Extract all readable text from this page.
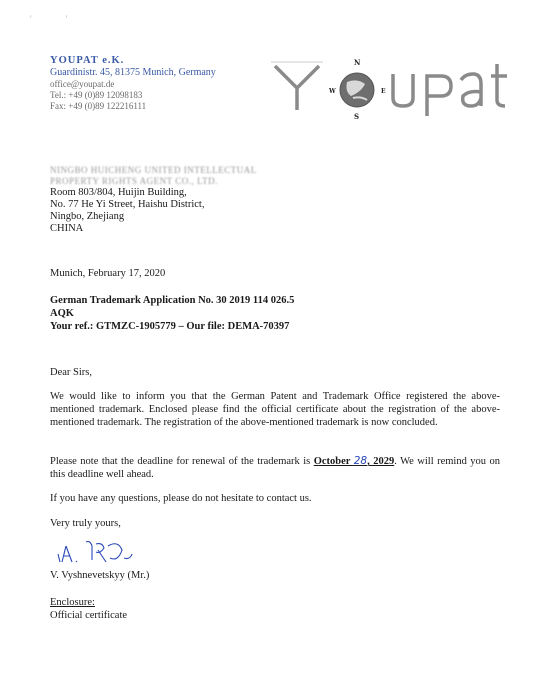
' '
YOUPAT e.K.
Guardinistr. 45, 81375 Munich, Germany
office@youpat.de
Tel.: +49 (0)89 12098183
Fax: +49 (0)89 122216111
N
S
W	E
NINGBO HUICHENG UNITED INTELLECTUAL
PROPERTY RIGHTS AGENT CO., LTD.
Room 803/804, Huijin Building,
No. 77 He Yi Street, Haishu District,
Ningbo, Zhejiang
CHINA
Munich, February 17, 2020
German Trademark Application No. 30 2019 114 026.5
AQK
Your ref.: GTMZC-1905779 – Our file: DEMA-70397
Dear Sirs,
We would like to inform you that the German Patent and Trademark Office registered the above-mentioned trademark. Enclosed please find the official certificate about the registration of the above-mentioned trademark. The registration of the above-mentioned trademark is now concluded.
Please note that the deadline for renewal of the trademark is October 28, 2029. We will remind you on this deadline well ahead.
If you have any questions, please do not hesitate to contact us.
Very truly yours,
V. Vyshnevetskyy (Mr.)
Enclosure:
Official certificate
